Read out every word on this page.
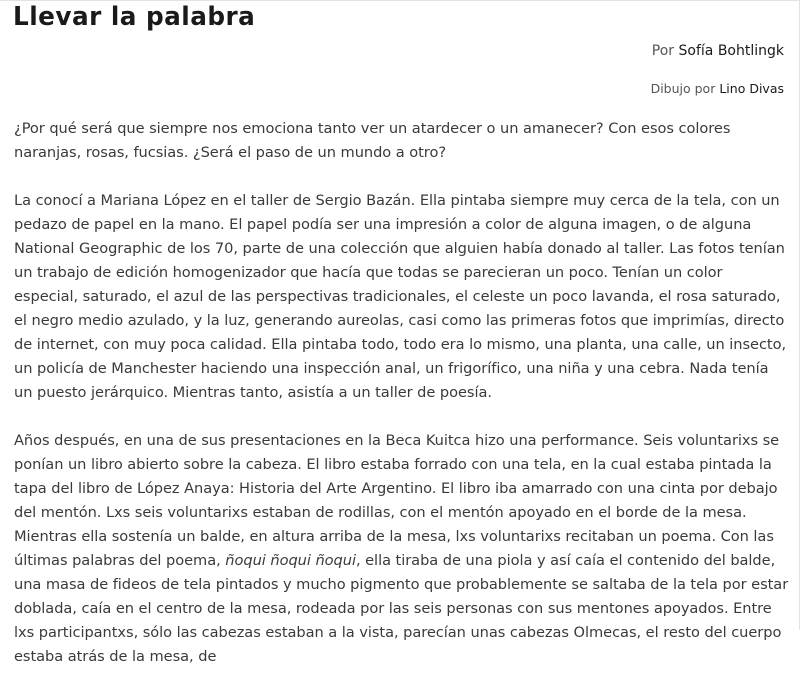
Llevar la palabra
Por Sofía Bohtlingk
Dibujo por Lino Divas

¿Por qué será que siempre nos emociona tanto ver un atardecer o un amanecer? Con esos colores naranjas, rosas, fucsias. ¿Será el paso de un mundo a otro?

La conocí a Mariana López en el taller de Sergio Bazán. Ella pintaba siempre muy cerca de la tela, con un pedazo de papel en la mano. El papel podía ser una impresión a color de alguna imagen, o de alguna National Geographic de los 70, parte de una colección que alguien había donado al taller. Las fotos tenían un trabajo de edición homogenizador que hacía que todas se parecieran un poco. Tenían un color especial, saturado, el azul de las perspectivas tradicionales, el celeste un poco lavanda, el rosa saturado, el negro medio azulado, y la luz, generando aureolas, casi como las primeras fotos que imprimías, directo de internet, con muy poca calidad. Ella pintaba todo, todo era lo mismo, una planta, una calle, un insecto, un policía de Manchester haciendo una inspección anal, un frigorífico, una niña y una cebra. Nada tenía un puesto jerárquico. Mientras tanto, asistía a un taller de poesía.

Años después, en una de sus presentaciones en la Beca Kuitca hizo una performance. Seis voluntarixs se ponían un libro abierto sobre la cabeza. El libro estaba forrado con una tela, en la cual estaba pintada la tapa del libro de López Anaya: Historia del Arte Argentino. El libro iba amarrado con una cinta por debajo del mentón. Lxs seis voluntarixs estaban de rodillas, con el mentón apoyado en el borde de la mesa. Mientras ella sostenía un balde, en altura arriba de la mesa, lxs voluntarixs recitaban un poema. Con las últimas palabras del poema, ñoqui ñoqui ñoqui, ella tiraba de una piola y así caía el contenido del balde, una masa de fideos de tela pintados y mucho pigmento que probablemente se saltaba de la tela por estar doblada, caía en el centro de la mesa, rodeada por las seis personas con sus mentones apoyados. Entre lxs participantxs, sólo las cabezas estaban a la vista, parecían unas cabezas Olmecas, el resto del cuerpo estaba atrás de la mesa, de
